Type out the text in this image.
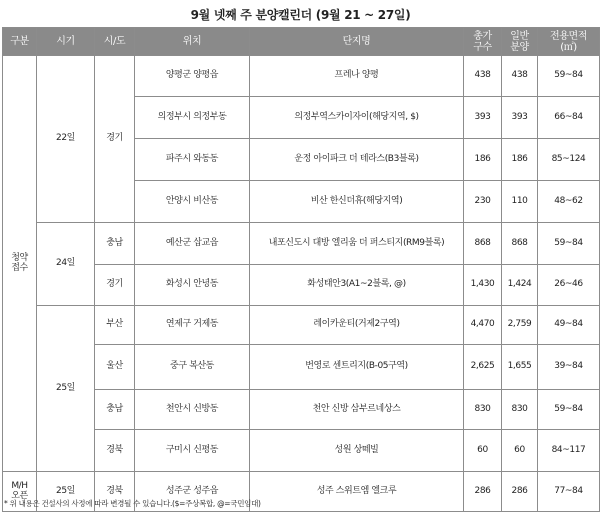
9월 넷째 주 분양캘린더 (9월 21 ~ 27일)
구분	시기	시/도	위치	단지명	총가구수	일반분양	전용면적(㎡)
청약접수	22일	경기	양평군 양평읍	프레나 양평	438	438	59~84
			의정부시 의정부동	의정부역스카이자이(해당지역, $)	393	393	66~84
			파주시 와동동	운정 아이파크 더 테라스(B3블록)	186	186	85~124
			안양시 비산동	비산 한신더휴(해당지역)	230	110	48~62
	24일	충남	예산군 삽교읍	내포신도시 대방 엘리움 더 퍼스티지(RM9블록)	868	868	59~84
		경기	화성시 안녕동	화성태안3(A1~2블록, @)	1,430	1,424	26~46
	25일	부산	연제구 거제동	레이카운티(거제2구역)	4,470	2,759	49~84
		울산	중구 복산동	번영로 센트리지(B-05구역)	2,625	1,655	39~84
		충남	천안시 신방동	천안 신방 삼부르네상스	830	830	59~84
		경북	구미시 신평동	성원 상떼빌	60	60	84~117
M/H오픈	25일	경북	성주군 성주읍	성주 스위트엠 엘크루	286	286	77~84
* 위 내용은 건설사의 사정에 따라 변경될 수 있습니다.($=주상복합, @=국민임대)
